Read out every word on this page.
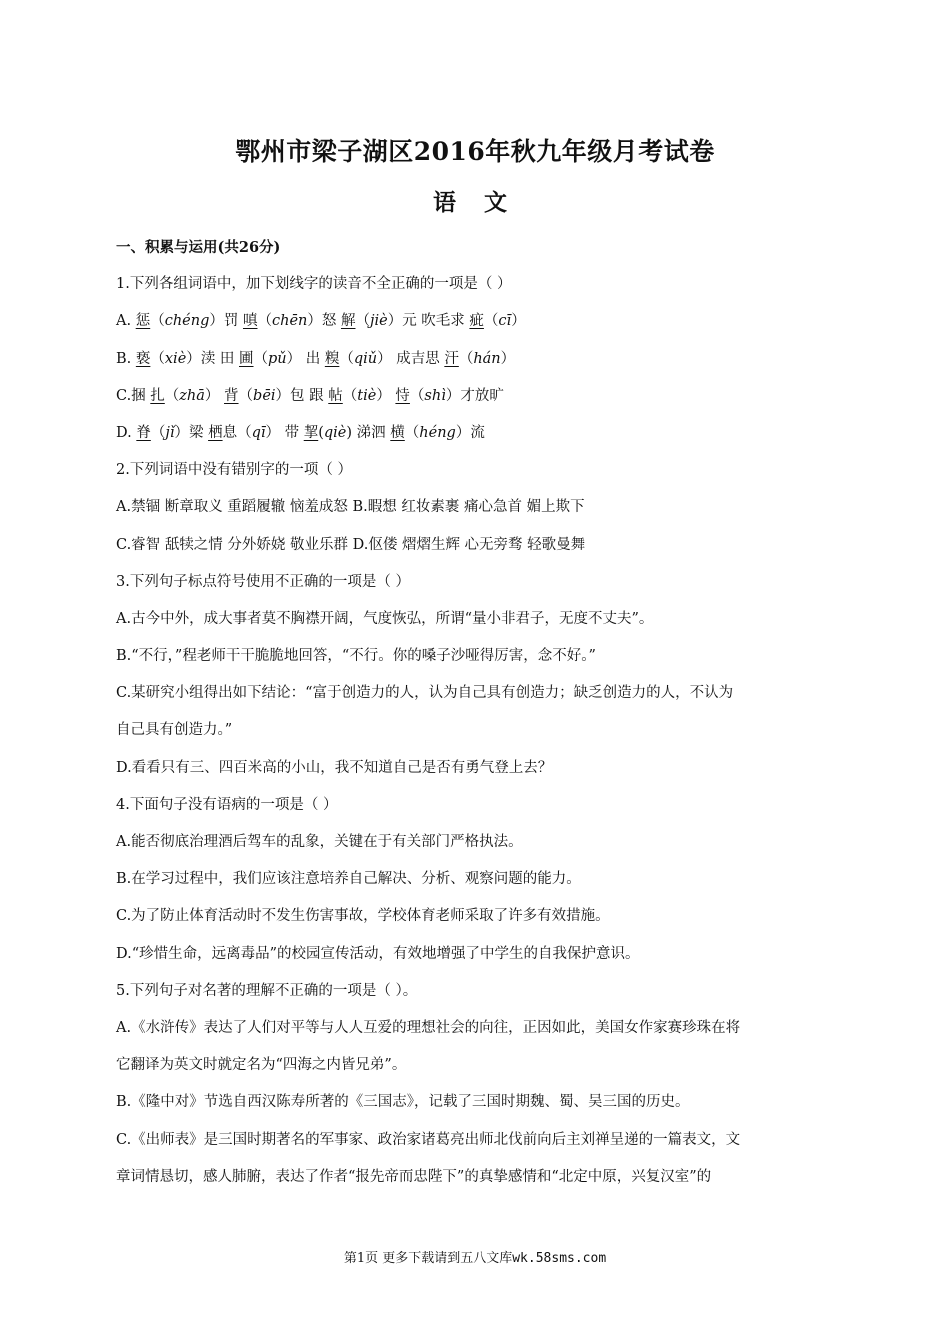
鄂州市梁子湖区2016年秋九年级月考试卷
语 文
一、积累与运用(共26分)
1.下列各组词语中，加下划线字的读音不全正确的一项是（ ）
A. 惩（chéng）罚 嗔（chēn）怒 解（jiè）元 吹毛求 疵（cī）
B. 亵（xiè）渎 田 圃（pǔ） 出 糗（qiǔ） 成吉思 汗（hán）
C.捆 扎（zhā） 背（bēi）包 跟 帖（tiè） 恃（shì）才放旷
D. 脊（jǐ）梁 栖息（qī） 带 挈(qiè) 涕泗 横（héng）流
2.下列词语中没有错别字的一项（ ）
A.禁锢 断章取义 重蹈履辙 恼羞成怒 B.暇想 红妆素裹 痛心急首 媚上欺下
C.睿智 舐犊之情 分外娇娆 敬业乐群 D.伛偻 熠熠生辉 心无旁骛 轻歌曼舞
3.下列句子标点符号使用不正确的一项是（ ）
A.古今中外，成大事者莫不胸襟开阔，气度恢弘，所谓“量小非君子，无度不丈夫”。
B.“不行，”程老师干干脆脆地回答，“不行。你的嗓子沙哑得厉害，念不好。”
C.某研究小组得出如下结论：“富于创造力的人，认为自己具有创造力；缺乏创造力的人，不认为
自己具有创造力。”
D.看看只有三、四百米高的小山，我不知道自己是否有勇气登上去？
4.下面句子没有语病的一项是（ ）
A.能否彻底治理酒后驾车的乱象，关键在于有关部门严格执法。
B.在学习过程中，我们应该注意培养自己解决、分析、观察问题的能力。
C.为了防止体育活动时不发生伤害事故，学校体育老师采取了许多有效措施。
D.“珍惜生命，远离毒品”的校园宣传活动，有效地增强了中学生的自我保护意识。
5.下列句子对名著的理解不正确的一项是（ ）。
A.《水浒传》表达了人们对平等与人人互爱的理想社会的向往，正因如此，美国女作家赛珍珠在将
它翻译为英文时就定名为“四海之内皆兄弟”。
B.《隆中对》节选自西汉陈寿所著的《三国志》，记载了三国时期魏、蜀、吴三国的历史。
C.《出师表》是三国时期著名的军事家、政治家诸葛亮出师北伐前向后主刘禅呈递的一篇表文，文
章词情恳切，感人肺腑，表达了作者“报先帝而忠陛下”的真挚感情和“北定中原，兴复汉室”的
第1页 更多下载请到五八文库wk.58sms.com
